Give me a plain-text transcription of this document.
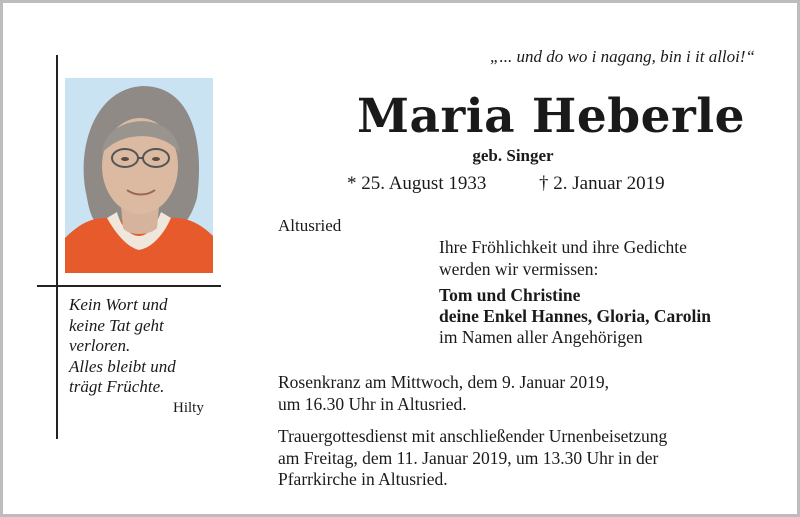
„... und do wo i nagang, bin i it alloi!“
Maria Heberle
geb. Singer
* 25. August 1933	† 2. Januar 2019
Altusried
Ihre Fröhlichkeit und ihre Gedichte
werden wir vermissen:
Tom und Christine
deine Enkel Hannes, Gloria, Carolin
im Namen aller Angehörigen
Kein Wort und
keine Tat geht
verloren.
Alles bleibt und
trägt Früchte.
Hilty
Rosenkranz am Mittwoch, dem 9. Januar 2019,
um 16.30 Uhr in Altusried.
Trauergottesdienst mit anschließender Urnenbeisetzung
am Freitag, dem 11. Januar 2019, um 13.30 Uhr in der
Pfarrkirche in Altusried.
